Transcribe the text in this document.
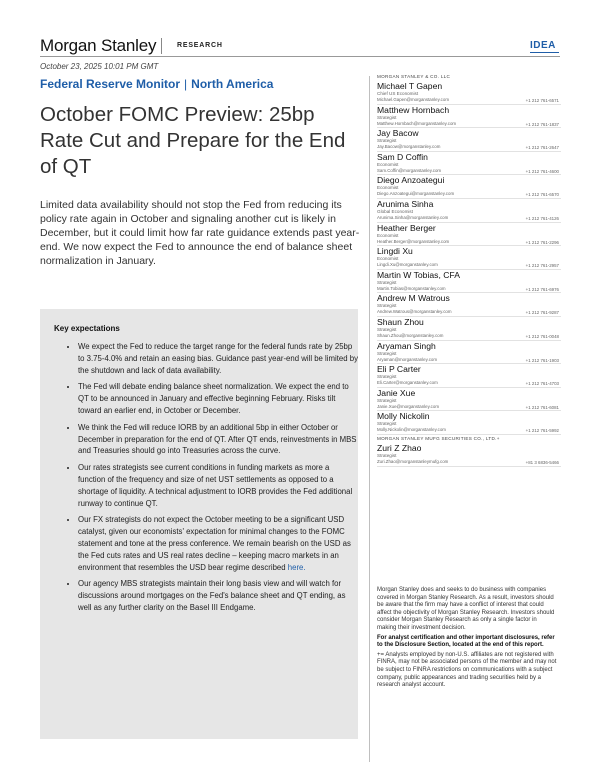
Morgan Stanley	RESEARCH	IDEA
October 23, 2025 10:01 PM GMT
Federal Reserve Monitor | North America
October FOMC Preview: 25bp Rate Cut and Prepare for the End of QT
Limited data availability should not stop the Fed from reducing its policy rate again in October and signaling another cut is likely in December, but it could limit how far rate guidance extends past year-end. We now expect the Fed to announce the end of balance sheet normalization in January.
Key expectations
• We expect the Fed to reduce the target range for the federal funds rate by 25bp to 3.75-4.0% and retain an easing bias. Guidance past year-end will be limited by the shutdown and lack of data availability.
• The Fed will debate ending balance sheet normalization. We expect the end to QT to be announced in January and effective beginning February. Risks tilt toward an earlier end, in October or December.
• We think the Fed will reduce IORB by an additional 5bp in either October or December in preparation for the end of QT. After QT ends, reinvestments in MBS and Treasuries should go into Treasuries across the curve.
• Our rates strategists see current conditions in funding markets as more a function of the frequency and size of net UST settlements as opposed to a shortage of liquidity. A technical adjustment to IORB provides the Fed additional runway to continue QT.
• Our FX strategists do not expect the October meeting to be a significant USD catalyst, given our economists' expectation for minimal changes to the FOMC statement and tone at the press conference. We remain bearish on the USD as the Fed cuts rates and US real rates decline – keeping macro markets in an environment that resembles the USD bear regime described here.
• Our agency MBS strategists maintain their long basis view and will watch for discussions around mortgages on the Fed's balance sheet and QT ending, as well as any further clarity on the Basel III Endgame.
MORGAN STANLEY & CO. LLC
Michael T Gapen
Chief US Economist
Michael.Gapen@morganstanley.com	+1 212 761-6571
Matthew Hornbach
Strategist
Matthew.Hornbach@morganstanley.com	+1 212 761-1837
Jay Bacow
Strategist
Jay.Bacow@morganstanley.com	+1 212 761-2647
Sam D Coffin
Economist
Sam.Coffin@morganstanley.com	+1 212 761-4600
Diego Anzoategui
Economist
Diego.Anzoategui@morganstanley.com	+1 212 761-6570
Arunima Sinha
Global Economist
Arunima.Sinha@morganstanley.com	+1 212 761-4126
Heather Berger
Economist
Heather.Berger@morganstanley.com	+1 212 761-2296
Lingdi Xu
Economist
Lingdi.Xu@morganstanley.com	+1 212 761-2957
Martin W Tobias, CFA
Strategist
Martin.Tobias@morganstanley.com	+1 212 761-6976
Andrew M Watrous
Strategist
Andrew.Watrous@morganstanley.com	+1 212 761-9287
Shaun Zhou
Strategist
Shaun.Zhou@morganstanley.com	+1 212 761-0048
Aryaman Singh
Strategist
Aryaman@morganstanley.com	+1 212 761-1903
Eli P Carter
Strategist
Eli.Carter@morganstanley.com	+1 212 761-4703
Janie Xue
Strategist
Janie.Xue@morganstanley.com	+1 212 761-6081
Molly Nickolin
Strategist
Molly.Nickolin@morganstanley.com	+1 212 761-5992
MORGAN STANLEY MUFG SECURITIES CO., LTD.+
Zuri Z Zhao
Strategist
Zuri.Zhao@morganstanleymufg.com	+81 3 6836-5466

Morgan Stanley does and seeks to do business with companies covered in Morgan Stanley Research. As a result, investors should be aware that the firm may have a conflict of interest that could affect the objectivity of Morgan Stanley Research. Investors should consider Morgan Stanley Research as only a single factor in making their investment decision.

For analyst certification and other important disclosures, refer to the Disclosure Section, located at the end of this report.

+= Analysts employed by non-U.S. affiliates are not registered with FINRA, may not be associated persons of the member and may not be subject to FINRA restrictions on communications with a subject company, public appearances and trading securities held by a research analyst account.
